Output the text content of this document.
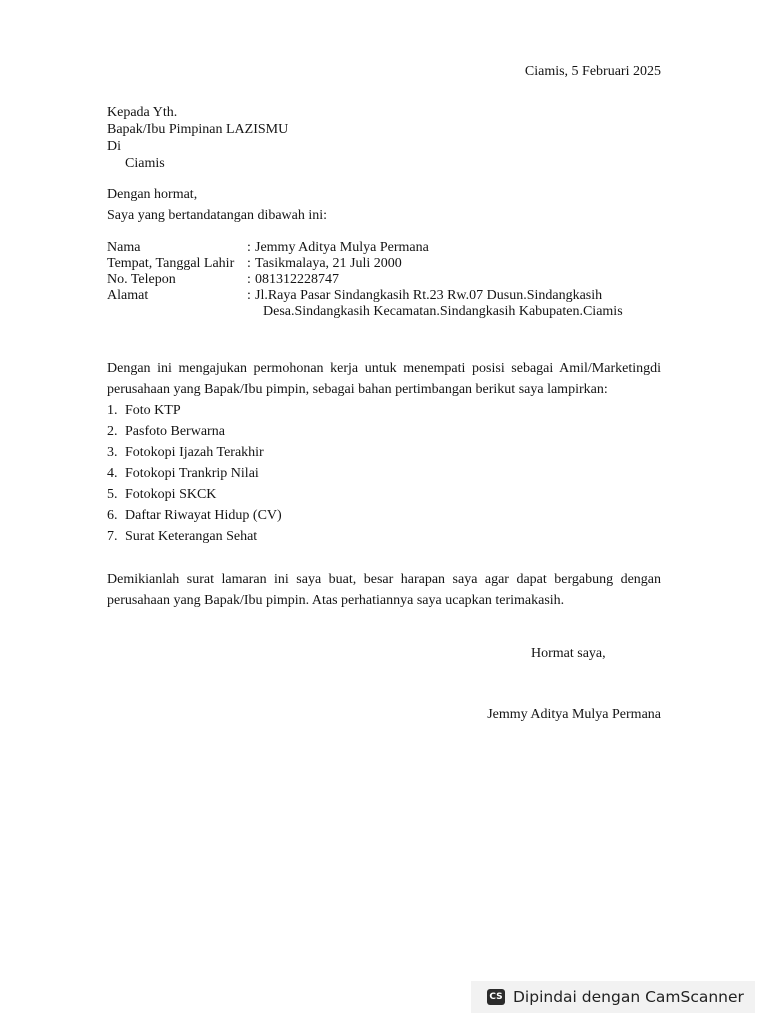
Ciamis, 5 Februari 2025
Kepada Yth.
Bapak/Ibu Pimpinan LAZISMU
Di
Ciamis
Dengan hormat,
Saya yang bertandatangan dibawah ini:
Nama	: Jemmy Aditya Mulya Permana
Tempat, Tanggal Lahir : Tasikmalaya, 21 Juli 2000
No. Telepon	: 081312228747
Alamat	: Jl.Raya Pasar Sindangkasih Rt.23 Rw.07 Dusun.Sindangkasih
Desa.Sindangkasih Kecamatan.Sindangkasih Kabupaten.Ciamis
Dengan ini mengajukan permohonan kerja untuk menempati posisi sebagai Amil/Marketingdi perusahaan yang Bapak/Ibu pimpin, sebagai bahan pertimbangan berikut saya lampirkan:
1. Foto KTP
2. Pasfoto Berwarna
3. Fotokopi Ijazah Terakhir
4. Fotokopi Trankrip Nilai
5. Fotokopi SKCK
6. Daftar Riwayat Hidup (CV)
7. Surat Keterangan Sehat
Demikianlah surat lamaran ini saya buat, besar harapan saya agar dapat bergabung dengan perusahaan yang Bapak/Ibu pimpin. Atas perhatiannya saya ucapkan terimakasih.
Hormat saya,
Jemmy Aditya Mulya Permana
CS Dipindai dengan CamScanner
